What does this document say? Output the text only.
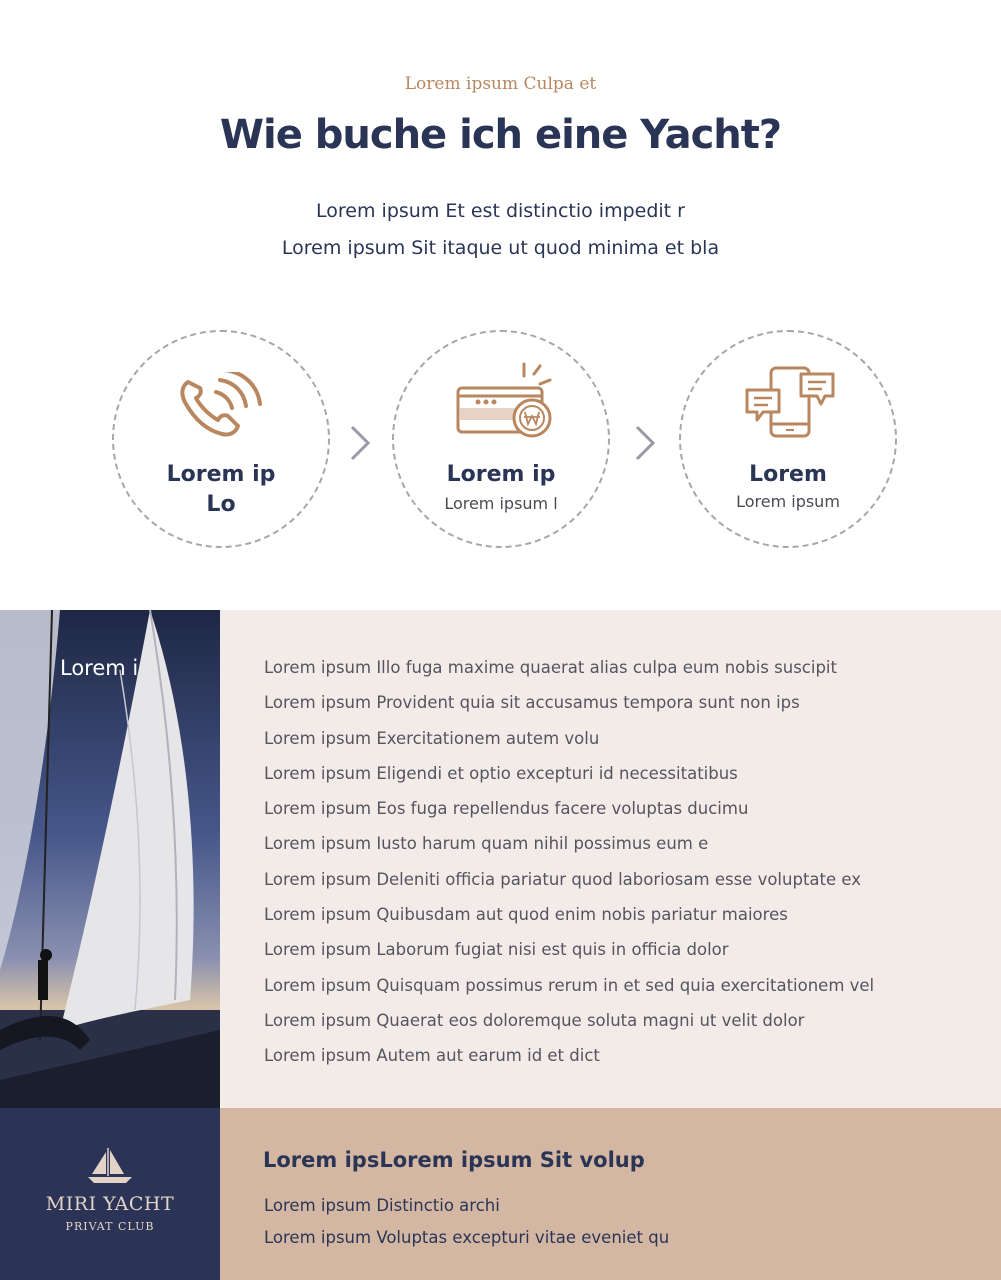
Lorem ipsum Culpa et
Wie buche ich eine Yacht?
Lorem ipsum Et est distinctio impedit r
Lorem ipsum Sit itaque ut quod minima et bla
Lorem ip
Lo
Lorem ip
Lorem ipsum l
Lorem
Lorem ipsum
Lorem i	Lorem ipsum Illo fuga maxime quaerat alias culpa eum nobis suscipit
Lorem ipsum Provident quia sit accusamus tempora sunt non ips
Lorem ipsum Exercitationem autem volu
Lorem ipsum Eligendi et optio excepturi id necessitatibus
Lorem ipsum Eos fuga repellendus facere voluptas ducimu
Lorem ipsum Iusto harum quam nihil possimus eum e
Lorem ipsum Deleniti officia pariatur quod laboriosam esse voluptate ex
Lorem ipsum Quibusdam aut quod enim nobis pariatur maiores
Lorem ipsum Laborum fugiat nisi est quis in officia dolor
Lorem ipsum Quisquam possimus rerum in et sed quia exercitationem vel
Lorem ipsum Quaerat eos doloremque soluta magni ut velit dolor
Lorem ipsum Autem aut earum id et dict
MIRI YACHT
PRIVAT CLUB
Lorem ipsLorem ipsum Sit volup
Lorem ipsum Distinctio archi
Lorem ipsum Voluptas excepturi vitae eveniet qu
